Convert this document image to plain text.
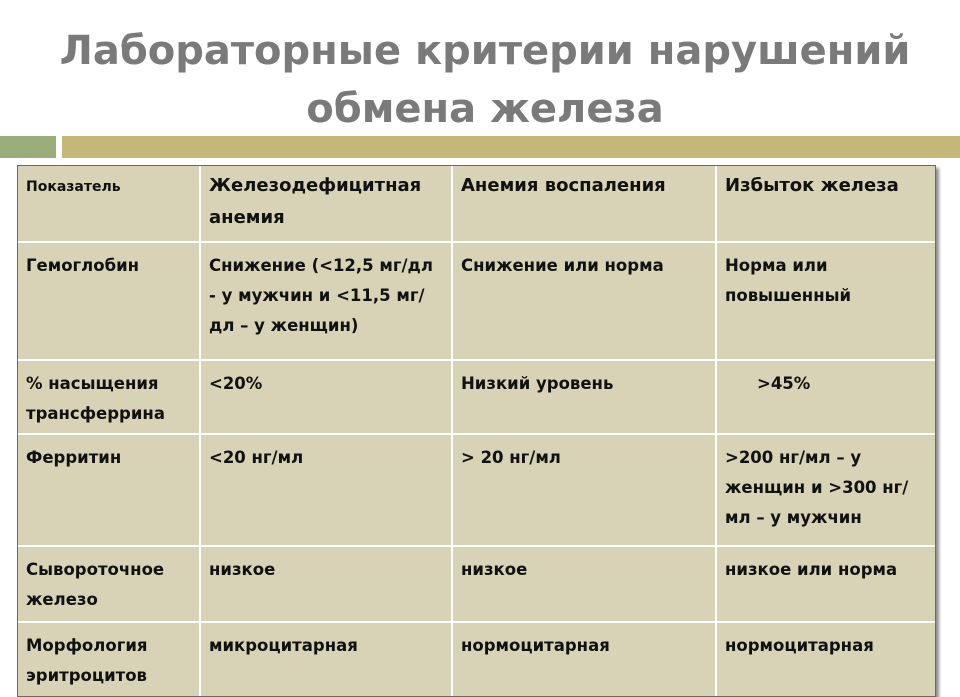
Лабораторные критерии нарушений
обмена железа
Показатель	Железодефицитная анемия	Анемия воспаления	Избыток железа
Гемоглобин	Снижение (<12,5 мг/дл - у мужчин и <11,5 мг/дл – у женщин)	Снижение или норма	Норма или повышенный
% насыщения трансферрина	<20%	Низкий уровень	>45%
Ферритин	<20 нг/мл	> 20 нг/мл	>200 нг/мл – у женщин и >300 нг/мл – у мужчин
Сывороточное железо	низкое	низкое	низкое или норма
Морфология эритроцитов	микроцитарная	нормоцитарная	нормоцитарная
